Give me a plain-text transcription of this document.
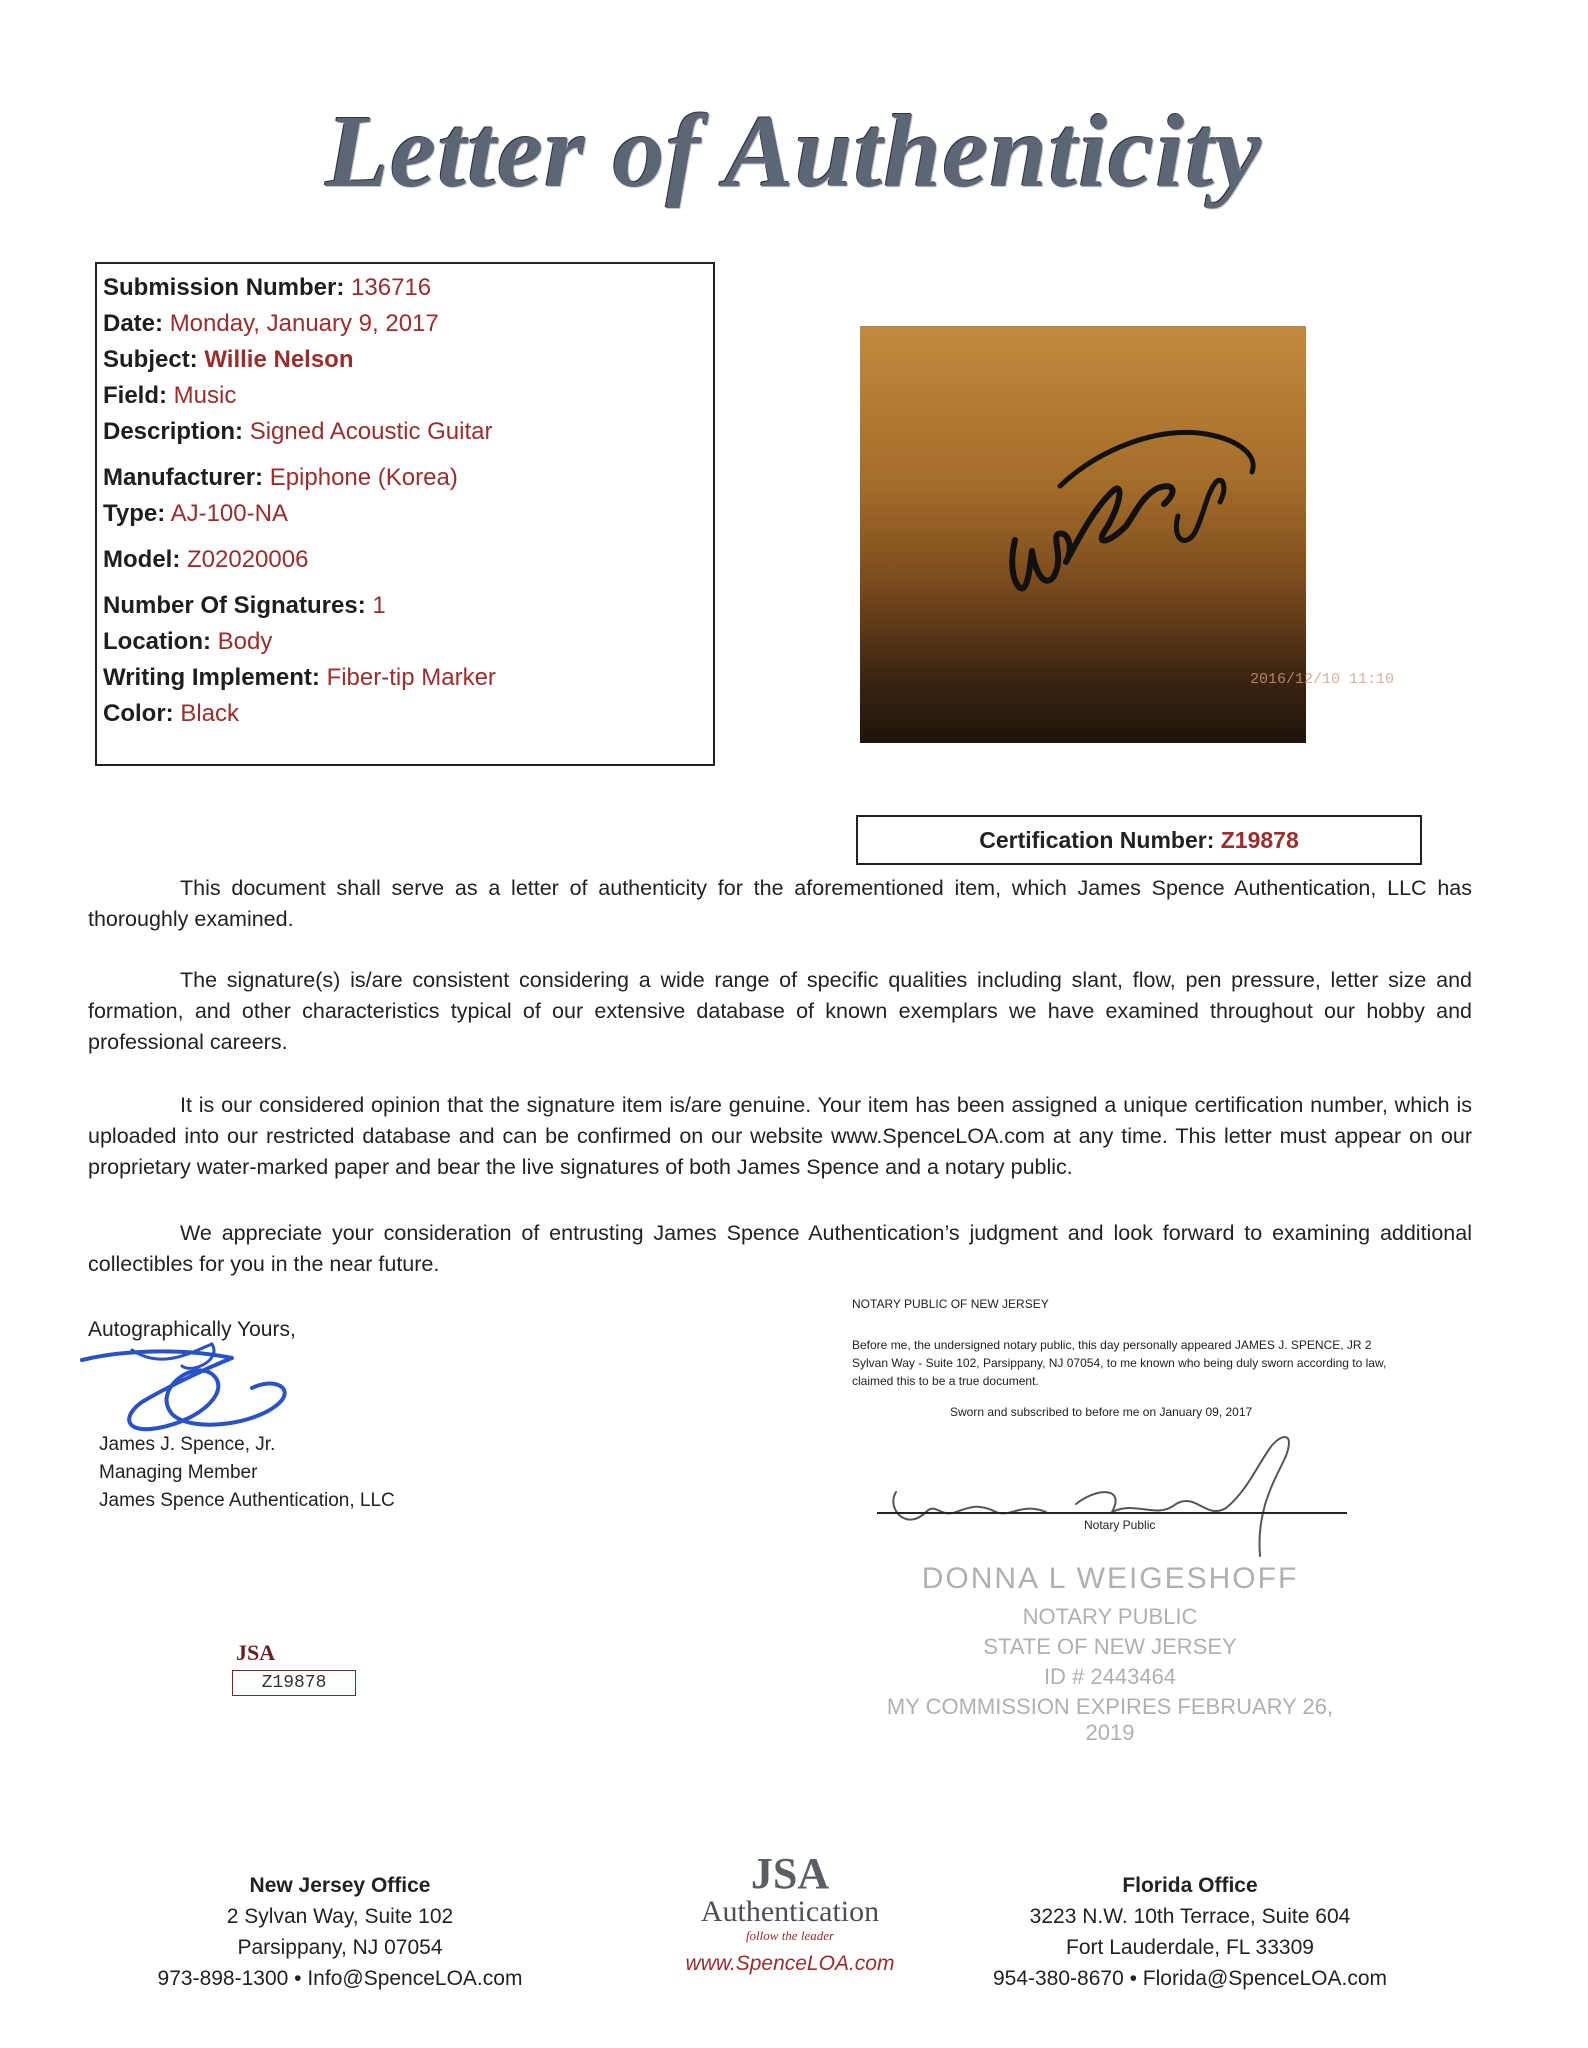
Letter of Authenticity
Submission Number: 136716
Date: Monday, January 9, 2017
Subject: Willie Nelson
Field: Music
Description: Signed Acoustic Guitar
Manufacturer: Epiphone (Korea)
Type: AJ-100-NA
Model: Z02020006
Number Of Signatures: 1
Location: Body
Writing Implement: Fiber-tip Marker
Color: Black
2016/12/10 11:10
Certification Number: Z19878
This document shall serve as a letter of authenticity for the aforementioned item, which James Spence Authentication, LLC has thoroughly examined.
The signature(s) is/are consistent considering a wide range of specific qualities including slant, flow, pen pressure, letter size and formation, and other characteristics typical of our extensive database of known exemplars we have examined throughout our hobby and professional careers.
It is our considered opinion that the signature item is/are genuine. Your item has been assigned a unique certification number, which is uploaded into our restricted database and can be confirmed on our website www.SpenceLOA.com at any time. This letter must appear on our proprietary water-marked paper and bear the live signatures of both James Spence and a notary public.
We appreciate your consideration of entrusting James Spence Authentication’s judgment and look forward to examining additional collectibles for you in the near future.
Autographically Yours,
James J. Spence, Jr.
Managing Member
James Spence Authentication, LLC
NOTARY PUBLIC OF NEW JERSEY
Before me, the undersigned notary public, this day personally appeared JAMES J. SPENCE, JR 2 Sylvan Way - Suite 102, Parsippany, NJ 07054, to me known who being duly sworn according to law, claimed this to be a true document.
Sworn and subscribed to before me on January 09, 2017
Notary Public
DONNA L WEIGESHOFF
NOTARY PUBLIC
STATE OF NEW JERSEY
ID # 2443464
MY COMMISSION EXPIRES FEBRUARY 26, 2019
JSA
Z19878
New Jersey Office
2 Sylvan Way, Suite 102
Parsippany, NJ 07054
973-898-1300 • Info@SpenceLOA.com
JSA
Authentication
follow the leader
www.SpenceLOA.com
Florida Office
3223 N.W. 10th Terrace, Suite 604
Fort Lauderdale, FL 33309
954-380-8670 • Florida@SpenceLOA.com
